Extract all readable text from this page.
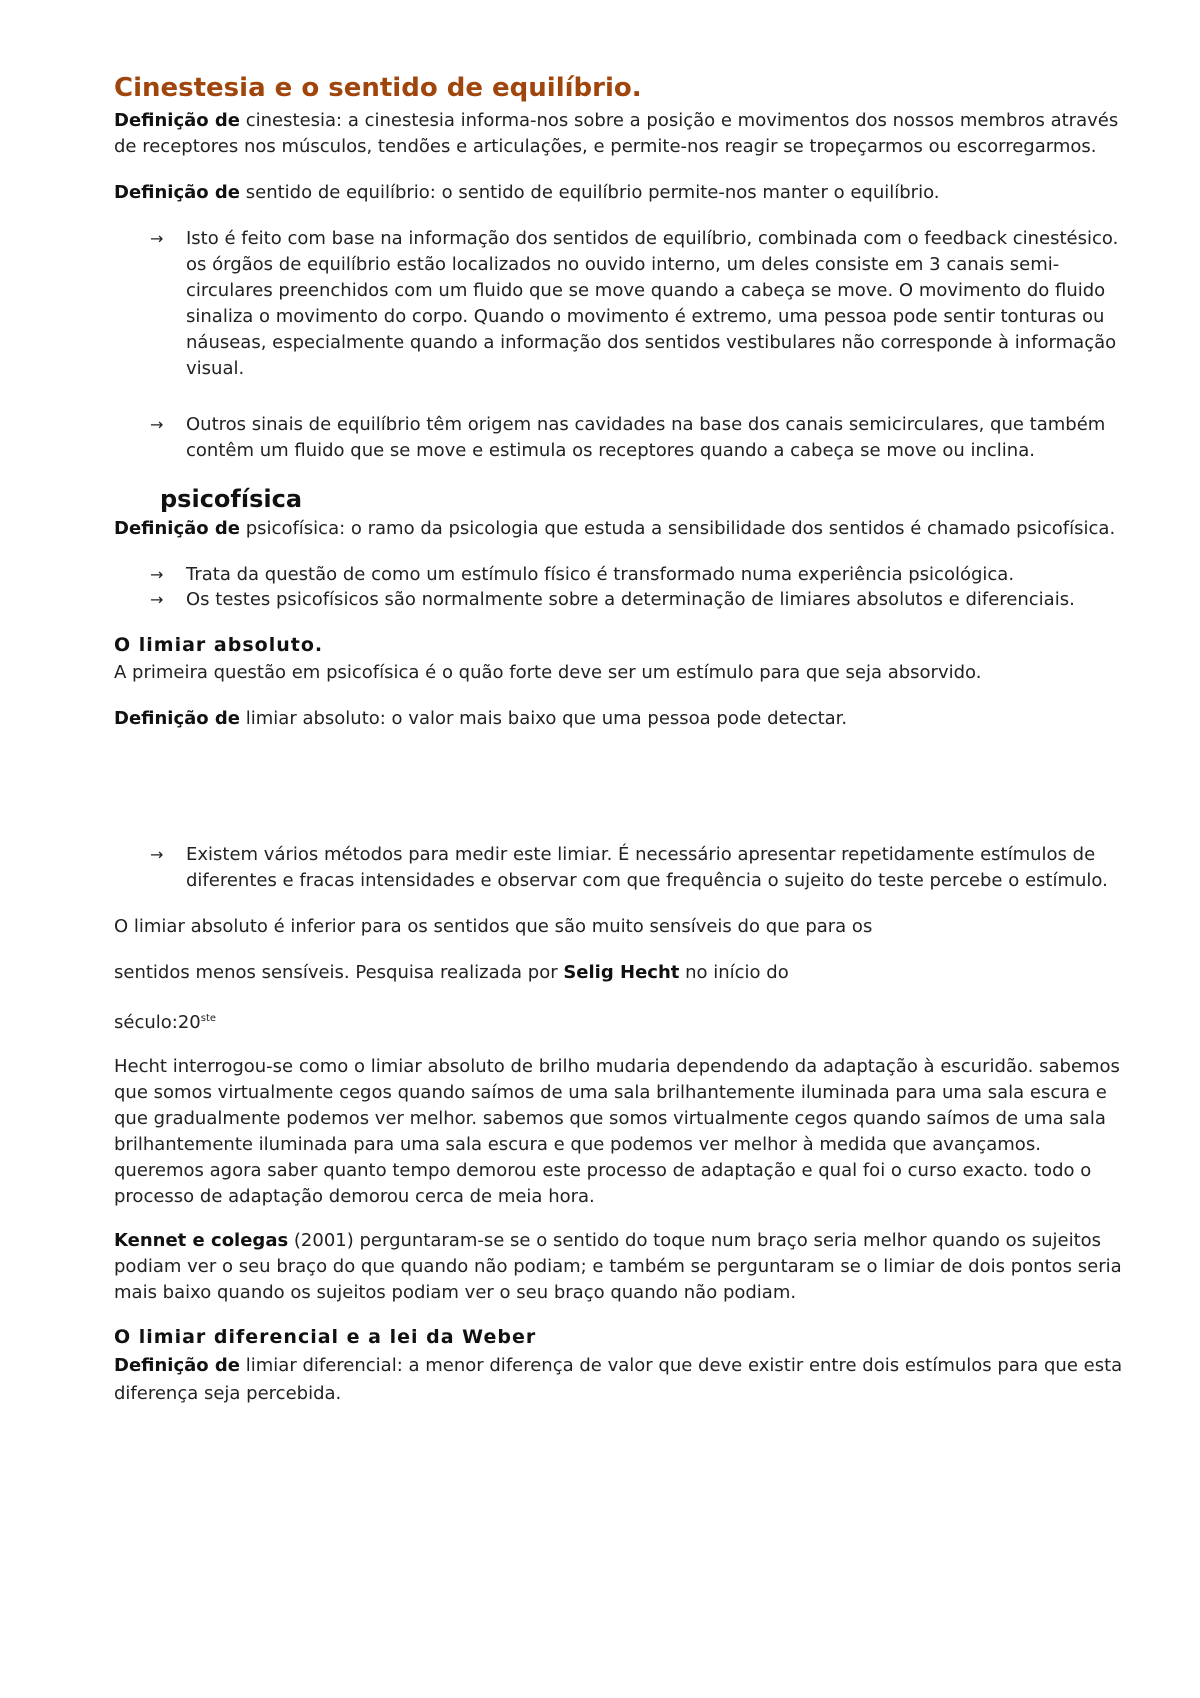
Cinestesia e o sentido de equilíbrio.

Definição de cinestesia: a cinestesia informa-nos sobre a posição e movimentos dos nossos membros através de receptores nos músculos, tendões e articulações, e permite-nos reagir se tropeçarmos ou escorregarmos.

Definição de sentido de equilíbrio: o sentido de equilíbrio permite-nos manter o equilíbrio.

→ Isto é feito com base na informação dos sentidos de equilíbrio, combinada com o feedback cinestésico. os órgãos de equilíbrio estão localizados no ouvido interno, um deles consiste em 3 canais semi-circulares preenchidos com um fluido que se move quando a cabeça se move. O movimento do fluido sinaliza o movimento do corpo. Quando o movimento é extremo, uma pessoa pode sentir tonturas ou náuseas, especialmente quando a informação dos sentidos vestibulares não corresponde à informação visual.
→ Outros sinais de equilíbrio têm origem nas cavidades na base dos canais semicirculares, que também contêm um fluido que se move e estimula os receptores quando a cabeça se move ou inclina.
psicofísica

Definição de psicofísica: o ramo da psicologia que estuda a sensibilidade dos sentidos é chamado psicofísica.

→ Trata da questão de como um estímulo físico é transformado numa experiência psicológica.
→ Os testes psicofísicos são normalmente sobre a determinação de limiares absolutos e diferenciais.
O limiar absoluto.

A primeira questão em psicofísica é o quão forte deve ser um estímulo para que seja absorvido.

Definição de limiar absoluto: o valor mais baixo que uma pessoa pode detectar.

→ Existem vários métodos para medir este limiar. É necessário apresentar repetidamente estímulos de diferentes e fracas intensidades e observar com que frequência o sujeito do teste percebe o estímulo.

O limiar absoluto é inferior para os sentidos que são muito sensíveis do que para os

sentidos menos sensíveis. Pesquisa realizada por Selig Hecht no início do

século:20ste

Hecht interrogou-se como o limiar absoluto de brilho mudaria dependendo da adaptação à escuridão. sabemos que somos virtualmente cegos quando saímos de uma sala brilhantemente iluminada para uma sala escura e que gradualmente podemos ver melhor. sabemos que somos virtualmente cegos quando saímos de uma sala brilhantemente iluminada para uma sala escura e que podemos ver melhor à medida que avançamos. queremos agora saber quanto tempo demorou este processo de adaptação e qual foi o curso exacto. todo o processo de adaptação demorou cerca de meia hora.

Kennet e colegas (2001) perguntaram-se se o sentido do toque num braço seria melhor quando os sujeitos podiam ver o seu braço do que quando não podiam; e também se perguntaram se o limiar de dois pontos seria mais baixo quando os sujeitos podiam ver o seu braço quando não podiam.

O limiar diferencial e a lei da Weber

Definição de limiar diferencial: a menor diferença de valor que deve existir entre dois estímulos para que esta diferença seja percebida.
